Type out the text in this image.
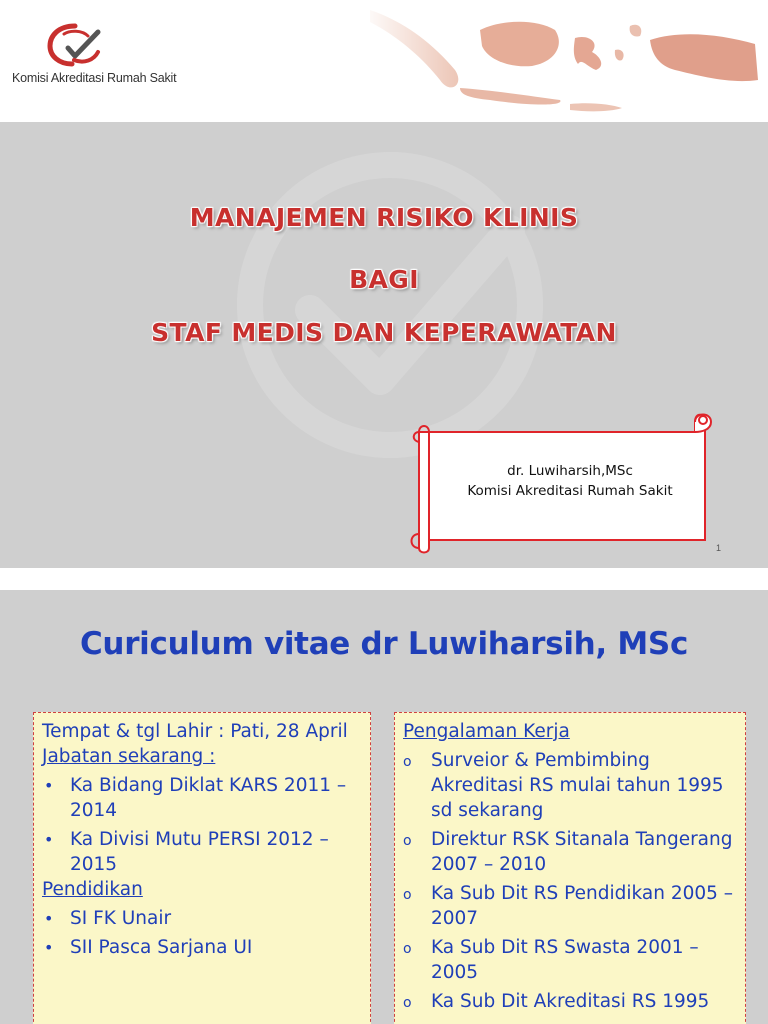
Komisi Akreditasi Rumah Sakit
MANAJEMEN RISIKO KLINIS
BAGI
STAF MEDIS DAN KEPERAWATAN
dr. Luwiharsih,MSc
Komisi Akreditasi Rumah Sakit
1
Curiculum vitae dr Luwiharsih, MSc
Tempat & tgl Lahir : Pati, 28 April
Jabatan sekarang :
• Ka Bidang Diklat KARS 2011 – 2014
• Ka Divisi Mutu PERSI 2012 – 2015
Pendidikan
• SI FK Unair
• SII Pasca Sarjana UI
Pengalaman Kerja
o Surveior & Pembimbing Akreditasi RS mulai tahun 1995 sd sekarang
o Direktur RSK Sitanala Tangerang 2007 – 2010
o Ka Sub Dit RS Pendidikan 2005 – 2007
o Ka Sub Dit RS Swasta 2001 – 2005
o Ka Sub Dit Akreditasi RS 1995
